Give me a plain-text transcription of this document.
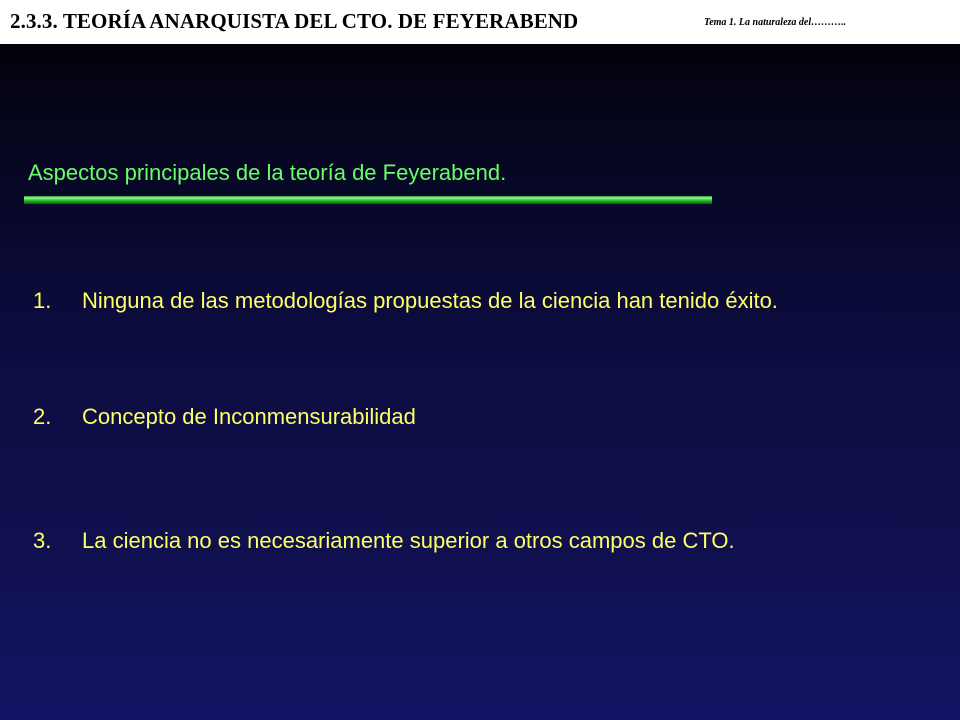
2.3.3. TEORÍA ANARQUISTA DEL CTO. DE FEYERABEND	Tema 1. La naturaleza del………..
Aspectos principales de la teoría de Feyerabend.
1. Ninguna de las metodologías propuestas de la ciencia han tenido éxito.
2. Concepto de Inconmensurabilidad
3. La ciencia no es necesariamente superior a otros campos de CTO.
